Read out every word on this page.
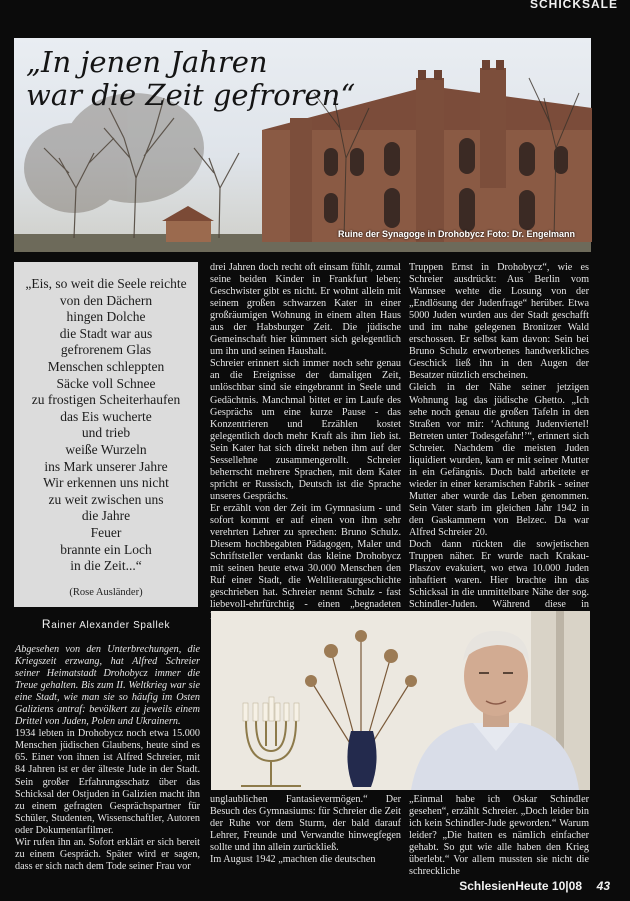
SCHICKSALE
„In jenen Jahren
war die Zeit gefroren“
Ruine der Synagoge in Drohobycz Foto: Dr. Engelmann
„Eis, so weit die Seele reichte
von den Dächern
hingen Dolche
die Stadt war aus
gefrorenem Glas
Menschen schleppten
Säcke voll Schnee
zu frostigen Scheiterhaufen
das Eis wucherte
und trieb
weiße Wurzeln
ins Mark unserer Jahre
Wir erkennen uns nicht
zu weit zwischen uns
die Jahre
Feuer
brannte ein Loch
in die Zeit...“
(Rose Ausländer)
Rainer Alexander Spallek

Abgesehen von den Unterbrechungen, die Kriegszeit erzwang, hat Alfred Schreier seiner Heimatstadt Drohobycz immer die Treue gehalten. Bis zum II. Weltkrieg war sie eine Stadt, wie man sie so häufig im Osten Galiziens antraf: bevölkert zu jeweils einem Drittel von Juden, Polen und Ukrainern.

1934 lebten in Drohobycz noch etwa 15.000 Menschen jüdischen Glaubens, heute sind es 65. Einer von ihnen ist Alfred Schreier, mit 84 Jahren ist er der älteste Jude in der Stadt. Sein großer Erfahrungsschatz über das Schicksal der Ostjuden in Galizien macht ihn zu einem gefragten Gesprächspartner für Schüler, Studenten, Wissenschaftler, Autoren oder Dokumentarfilmer.

Wir rufen ihn an. Sofort erklärt er sich bereit zu einem Gespräch. Später wird er sagen, dass er sich nach dem Tode seiner Frau vor

drei Jahren doch recht oft einsam fühlt, zumal seine beiden Kinder in Frankfurt leben; Geschwister gibt es nicht. Er wohnt allein mit seinem großen schwarzen Kater in einer großräumigen Wohnung in einem alten Haus aus der Habsburger Zeit. Die jüdische Gemeinschaft hier kümmert sich gelegentlich um ihn und seinen Haushalt.

Schreier erinnert sich immer noch sehr genau an die Ereignisse der damaligen Zeit, unlöschbar sind sie eingebrannt in Seele und Gedächtnis. Manchmal bittet er im Laufe des Gesprächs um eine kurze Pause - das Konzentrieren und Erzählen kostet gelegentlich doch mehr Kraft als ihm lieb ist. Sein Kater hat sich direkt neben ihm auf der Sessellehne zusammengerollt. Schreier beherrscht mehrere Sprachen, mit dem Kater spricht er Russisch, Deutsch ist die Sprache unseres Gesprächs.

Er erzählt von der Zeit im Gymnasium - und sofort kommt er auf einen von ihm sehr verehrten Lehrer zu sprechen: Bruno Schulz. Diesem hochbegabten Pädagogen, Maler und Schriftsteller verdankt das kleine Drohobycz mit seinen heute etwa 30.000 Menschen den Ruf einer Stadt, die Weltliteraturgeschichte geschrieben hat. Schreier nennt Schulz - fast liebevoll-ehrfürchtig - einen „begnadeten

Truppen Ernst in Drohobycz“, wie es Schreier ausdrückt: Aus Berlin vom Wannsee wehte die Losung von der „Endlösung der Judenfrage“ herüber. Etwa 5000 Juden wurden aus der Stadt geschafft und im nahe gelegenen Bronitzer Wald erschossen. Er selbst kam davon: Sein bei Bruno Schulz erworbenes handwerkliches Geschick ließ ihn in den Augen der Besatzer nützlich erscheinen.

Gleich in der Nähe seiner jetzigen Wohnung lag das jüdische Ghetto. „Ich sehe noch genau die großen Tafeln in den Straßen vor mir: ‘Achtung Judenviertel! Betreten unter Todesgefahr!’“, erinnert sich Schreier. Nachdem die meisten Juden liquidiert wurden, kam er mit seiner Mutter in ein Gefängnis. Doch bald arbeitete er wieder in einer keramischen Fabrik - seiner Mutter aber wurde das Leben genommen. Sein Vater starb im gleichen Jahr 1942 in den Gaskammern von Belzec. Da war Alfred Schreier 20.

Doch dann rückten die sowjetischen Truppen näher. Er wurde nach Krakau-Plaszov evakuiert, wo etwa 10.000 Juden inhaftiert waren. Hier brachte ihn das Schicksal in die unmittelbare Nähe der sog. Schindler-Juden. Während diese in

unglaublichen Fantasievermögen.“ Der Besuch des Gymnasiums: für Schreier die Zeit der Ruhe vor dem Sturm, der bald darauf Lehrer, Freunde und Verwandte hinwegfegen sollte und ihn allein zurückließ.

Im August 1942 „machten die deutschen

„Einmal habe ich Oskar Schindler gesehen“, erzählt Schreier. „Doch leider bin ich kein Schindler-Jude geworden.“ Warum leider? „Die hatten es nämlich einfacher gehabt. So gut wie alle haben den Krieg überlebt.“ Vor allem mussten sie nicht die schreckliche

SchlesienHeute 10|08 43
